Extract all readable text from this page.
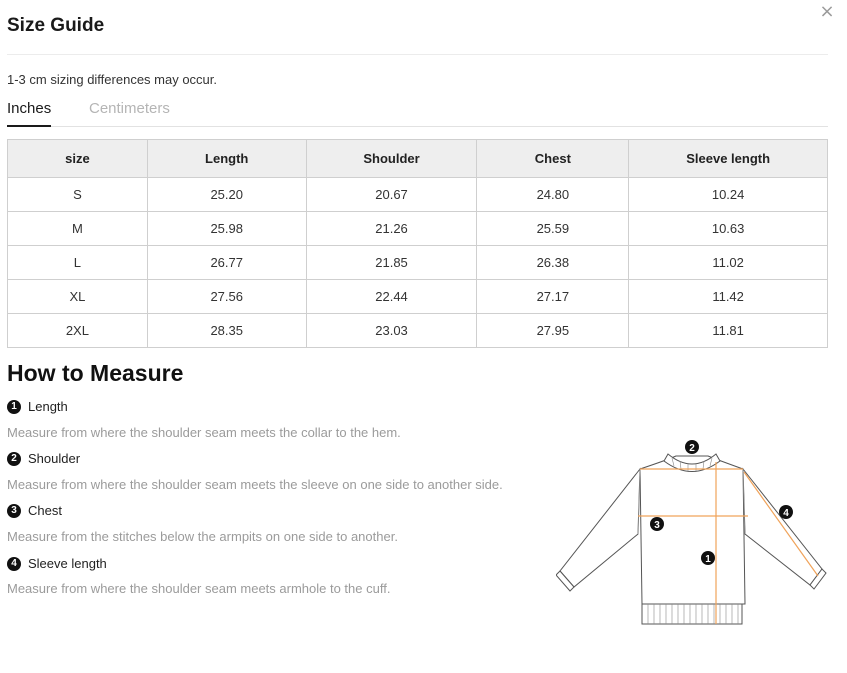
Size Guide
×
1-3 cm sizing differences may occur.
Inches	Centimeters
size	Length	Shoulder	Chest	Sleeve length
S	25.20	20.67	24.80	10.24
M	25.98	21.26	25.59	10.63
L	26.77	21.85	26.38	11.02
XL	27.56	22.44	27.17	11.42
2XL	28.35	23.03	27.95	11.81
How to Measure
1 Length
Measure from where the shoulder seam meets the collar to the hem.
2 Shoulder
Measure from where the shoulder seam meets the sleeve on one side to another side.
3 Chest
Measure from the stitches below the armpits on one side to another.
4 Sleeve length
Measure from where the shoulder seam meets armhole to the cuff.
2
3
4
1
